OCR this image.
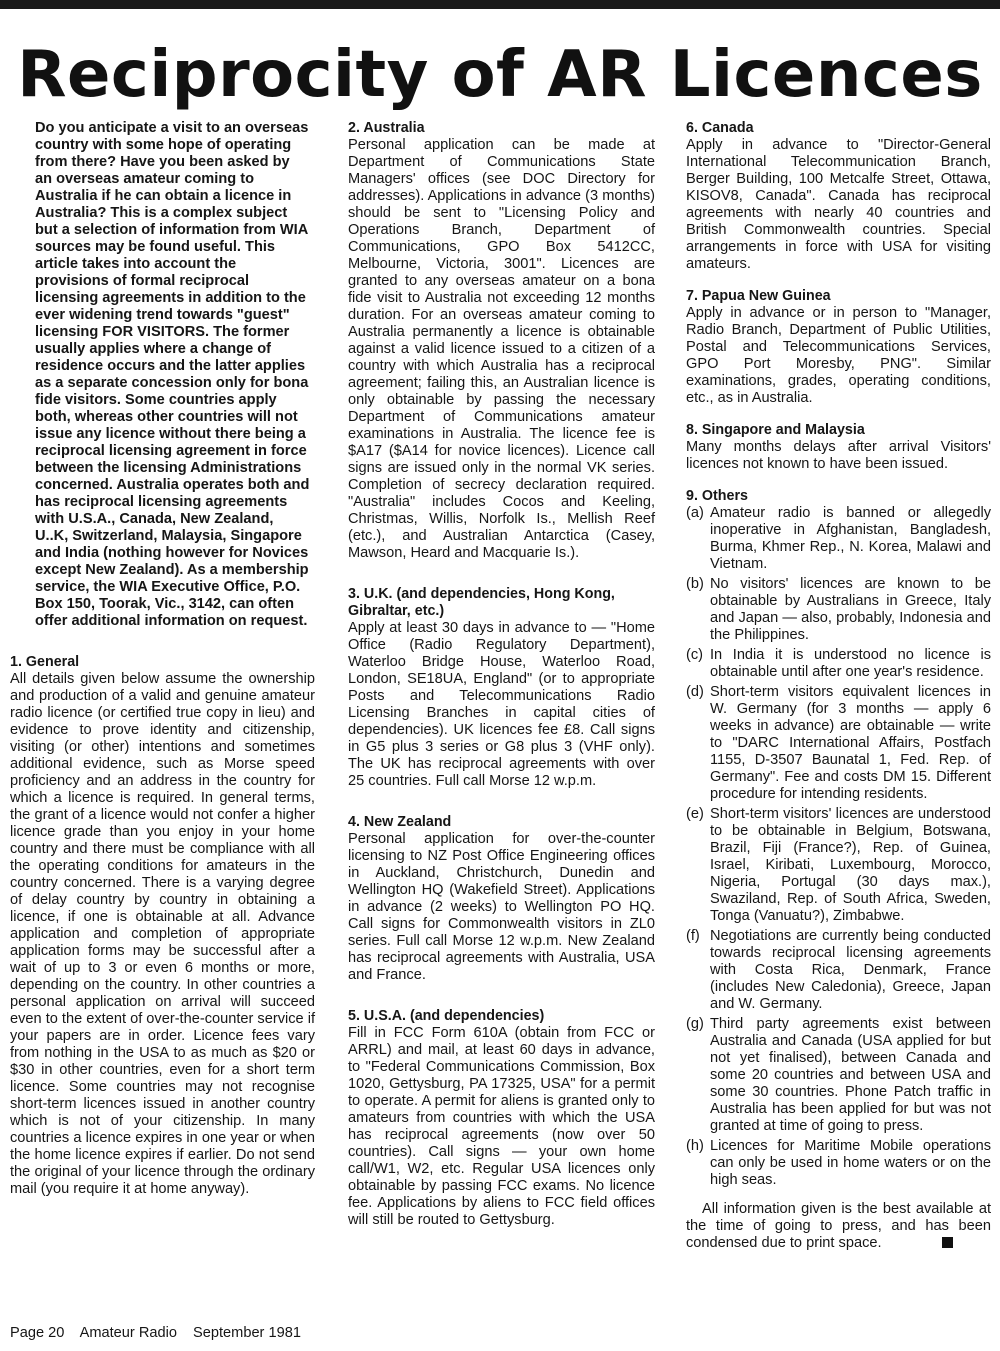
Reciprocity of AR Licences

Do you anticipate a visit to an overseas country with some hope of operating from there? Have you been asked by an overseas amateur coming to Australia if he can obtain a licence in Australia? This is a complex subject but a selection of information from WIA sources may be found useful. This article takes into account the provisions of formal reciprocal licensing agreements in addition to the ever widening trend towards "guest" licensing FOR VISITORS. The former usually applies where a change of residence occurs and the latter applies as a separate concession only for bona fide visitors. Some countries apply both, whereas other countries will not issue any licence without there being a reciprocal licensing agreement in force between the licensing Administrations concerned. Australia operates both and has reciprocal licensing agreements with U.S.A., Canada, New Zealand, U..K, Switzerland, Malaysia, Singapore and India (nothing however for Novices except New Zealand). As a membership service, the WIA Executive Office, P.O. Box 150, Toorak, Vic., 3142, can often offer additional information on request.

1. General

All details given below assume the ownership and production of a valid and genuine amateur radio licence (or certified true copy in lieu) and evidence to prove identity and citizenship, visiting (or other) intentions and sometimes additional evidence, such as Morse speed proficiency and an address in the country for which a licence is required. In general terms, the grant of a licence would not confer a higher licence grade than you enjoy in your home country and there must be compliance with all the operating conditions for amateurs in the country concerned. There is a varying degree of delay country by country in obtaining a licence, if one is obtainable at all. Advance application and completion of appropriate application forms may be successful after a wait of up to 3 or even 6 months or more, depending on the country. In other countries a personal application on arrival will succeed even to the extent of over-the-counter service if your papers are in order. Licence fees vary from nothing in the USA to as much as $20 or $30 in other countries, even for a short term licence. Some countries may not recognise short-term licences issued in another country which is not of your citizenship. In many countries a licence expires in one year or when the home licence expires if earlier. Do not send the original of your licence through the ordinary mail (you require it at home anyway).

2. Australia

Personal application can be made at Department of Communications State Managers' offices (see DOC Directory for addresses). Applications in advance (3 months) should be sent to "Licensing Policy and Operations Branch, Department of Communications, GPO Box 5412CC, Melbourne, Victoria, 3001". Licences are granted to any overseas amateur on a bona fide visit to Australia not exceeding 12 months duration. For an overseas amateur coming to Australia permanently a licence is obtainable against a valid licence issued to a citizen of a country with which Australia has a reciprocal agreement; failing this, an Australian licence is only obtainable by passing the necessary Department of Communications amateur examinations in Australia. The licence fee is $A17 ($A14 for novice licences). Licence call signs are issued only in the normal VK series. Completion of secrecy declaration required. "Australia" includes Cocos and Keeling, Christmas, Willis, Norfolk Is., Mellish Reef (etc.), and Australian Antarctica (Casey, Mawson, Heard and Macquarie Is.).

3. U.K. (and dependencies, Hong Kong, Gibraltar, etc.)

Apply at least 30 days in advance to — "Home Office (Radio Regulatory Department), Waterloo Bridge House, Waterloo Road, London, SE18UA, England" (or to appropriate Posts and Telecommunications Radio Licensing Branches in capital cities of dependencies). UK licences fee £8. Call signs in G5 plus 3 series or G8 plus 3 (VHF only). The UK has reciprocal agreements with over 25 countries. Full call Morse 12 w.p.m.

4. New Zealand

Personal application for over-the-counter licensing to NZ Post Office Engineering offices in Auckland, Christchurch, Dunedin and Wellington HQ (Wakefield Street). Applications in advance (2 weeks) to Wellington PO HQ. Call signs for Commonwealth visitors in ZL0 series. Full call Morse 12 w.p.m. New Zealand has reciprocal agreements with Australia, USA and France.

5. U.S.A. (and dependencies)

Fill in FCC Form 610A (obtain from FCC or ARRL) and mail, at least 60 days in advance, to "Federal Communications Commission, Box 1020, Gettysburg, PA 17325, USA" for a permit to operate. A permit for aliens is granted only to amateurs from countries with which the USA has reciprocal agreements (now over 50 countries). Call signs — your own home call/W1, W2, etc. Regular USA licences only obtainable by passing FCC exams. No licence fee. Applications by aliens to FCC field offices will still be routed to Gettysburg.

6. Canada

Apply in advance to "Director-General International Telecommunication Branch, Berger Building, 100 Metcalfe Street, Ottawa, KISOV8, Canada". Canada has reciprocal agreements with nearly 40 countries and British Commonwealth countries. Special arrangements in force with USA for visiting amateurs.

7. Papua New Guinea

Apply in advance or in person to "Manager, Radio Branch, Department of Public Utilities, Postal and Telecommunications Services, GPO Port Moresby, PNG". Similar examinations, grades, operating conditions, etc., as in Australia.

8. Singapore and Malaysia

Many months delays after arrival Visitors' licences not known to have been issued.

9. Others
(a) Amateur radio is banned or allegedly inoperative in Afghanistan, Bangladesh, Burma, Khmer Rep., N. Korea, Malawi and Vietnam.
(b) No visitors' licences are known to be obtainable by Australians in Greece, Italy and Japan — also, probably, Indonesia and the Philippines.
(c) In India it is understood no licence is obtainable until after one year's residence.
(d) Short-term visitors equivalent licences in W. Germany (for 3 months — apply 6 weeks in advance) are obtainable — write to "DARC International Affairs, Postfach 1155, D-3507 Baunatal 1, Fed. Rep. of Germany". Fee and costs DM 15. Different procedure for intending residents.
(e) Short-term visitors' licences are understood to be obtainable in Belgium, Botswana, Brazil, Fiji (France?), Rep. of Guinea, Israel, Kiribati, Luxembourg, Morocco, Nigeria, Portugal (30 days max.), Swaziland, Rep. of South Africa, Sweden, Tonga (Vanuatu?), Zimbabwe.
(f) Negotiations are currently being conducted towards reciprocal licensing agreements with Costa Rica, Denmark, France (includes New Caledonia), Greece, Japan and W. Germany.
(g) Third party agreements exist between Australia and Canada (USA applied for but not yet finalised), between Canada and some 20 countries and between USA and some 30 countries. Phone Patch traffic in Australia has been applied for but was not granted at time of going to press.
(h) Licences for Maritime Mobile operations can only be used in home waters or on the high seas.

All information given is the best available at the time of going to press, and has been condensed due to print space.

Page 20 Amateur Radio September 1981
